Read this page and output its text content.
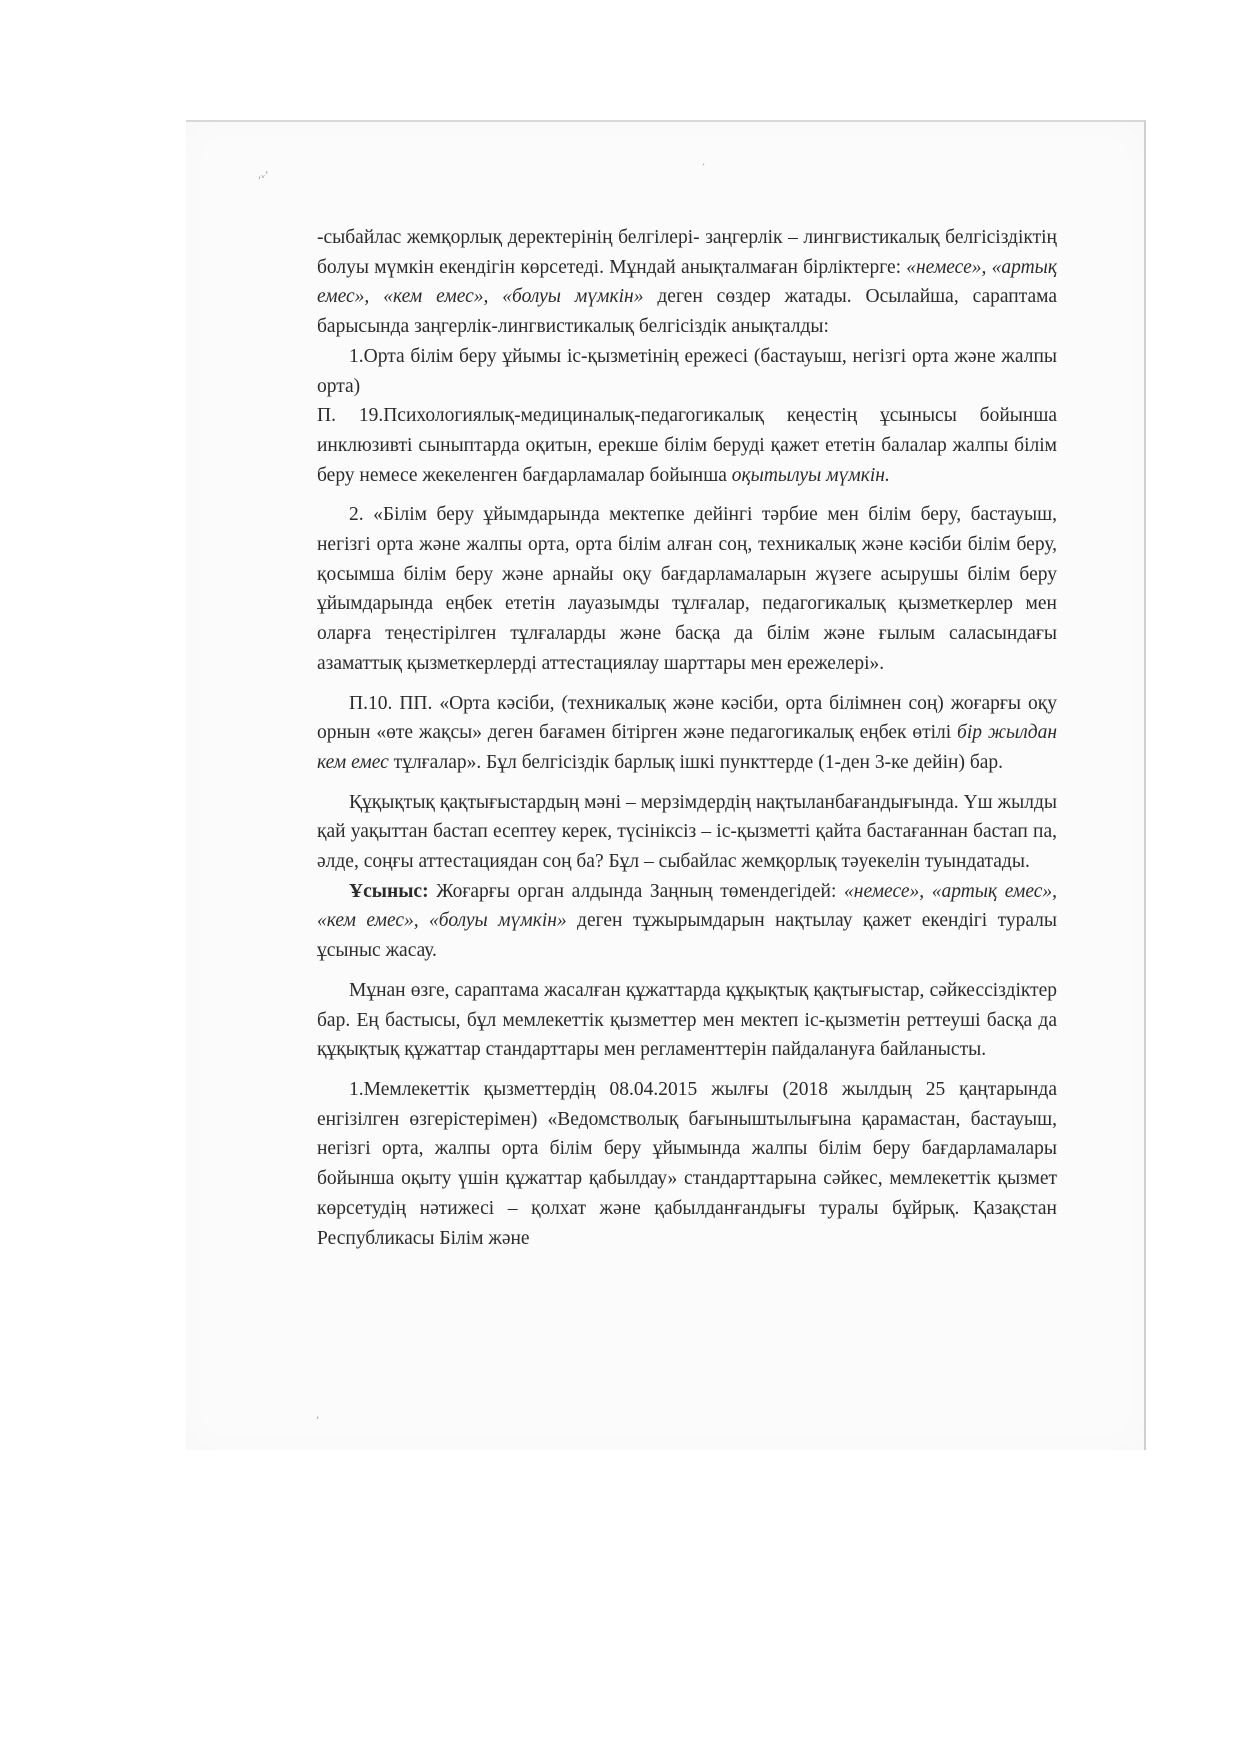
,ᵥ'
·
,

-сыбайлас жемқорлық деректерінің белгілері- заңгерлік – лингвистикалық белгісіздіктің болуы мүмкін екендігін көрсетеді. Мұндай анықталмаған бірліктерге: «немесе», «артық емес», «кем емес», «болуы мүмкін» деген сөздер жатады. Осылайша, сараптама барысында заңгерлік-лингвистикалық белгісіздік анықталды:

1.Орта білім беру ұйымы іс-қызметінің ережесі (бастауыш, негізгі орта және жалпы орта)

П. 19.Психологиялық-медициналық-педагогикалық кеңестің ұсынысы бойынша инклюзивті сыныптарда оқитын, ерекше білім беруді қажет ететін балалар жалпы білім беру немесе жекеленген бағдарламалар бойынша оқытылуы мүмкін.

2. «Білім беру ұйымдарында мектепке дейінгі тәрбие мен білім беру, бастауыш, негізгі орта және жалпы орта, орта білім алған соң, техникалық және кәсіби білім беру, қосымша білім беру және арнайы оқу бағдарламаларын жүзеге асырушы білім беру ұйымдарында еңбек ететін лауазымды тұлғалар, педагогикалық қызметкерлер мен оларға теңестірілген тұлғаларды және басқа да білім және ғылым саласындағы азаматтық қызметкерлерді аттестациялау шарттары мен ережелері».

П.10. ПП. «Орта кәсіби, (техникалық және кәсіби, орта білімнен соң) жоғарғы оқу орнын «өте жақсы» деген бағамен бітірген және педагогикалық еңбек өтілі бір жылдан кем емес тұлғалар». Бұл белгісіздік барлық ішкі пункттерде (1-ден 3-ке дейін) бар.

Құқықтық қақтығыстардың мәні – мерзімдердің нақтыланбағандығында. Үш жылды қай уақыттан бастап есептеу керек, түсініксіз – іс-қызметті қайта бастағаннан бастап па, әлде, соңғы аттестациядан соң ба? Бұл – сыбайлас жемқорлық тәуекелін туындатады.

Ұсыныс: Жоғарғы орган алдында Заңның төмендегідей: «немесе», «артық емес», «кем емес», «болуы мүмкін» деген тұжырымдарын нақтылау қажет екендігі туралы ұсыныс жасау.

Мұнан өзге, сараптама жасалған құжаттарда құқықтық қақтығыстар, сәйкессіздіктер бар. Ең бастысы, бұл мемлекеттік қызметтер мен мектеп іс-қызметін реттеуші басқа да құқықтық құжаттар стандарттары мен регламенттерін пайдалануға байланысты.

1.Мемлекеттік қызметтердің 08.04.2015 жылғы (2018 жылдың 25 қаңтарында енгізілген өзгерістерімен) «Ведомстволық бағыныштылығына қарамастан, бастауыш, негізгі орта, жалпы орта білім беру ұйымында жалпы білім беру бағдарламалары бойынша оқыту үшін құжаттар қабылдау» стандарттарына сәйкес, мемлекеттік қызмет көрсетудің нәтижесі – қолхат және қабылданғандығы туралы бұйрық. Қазақстан Республикасы Білім және
